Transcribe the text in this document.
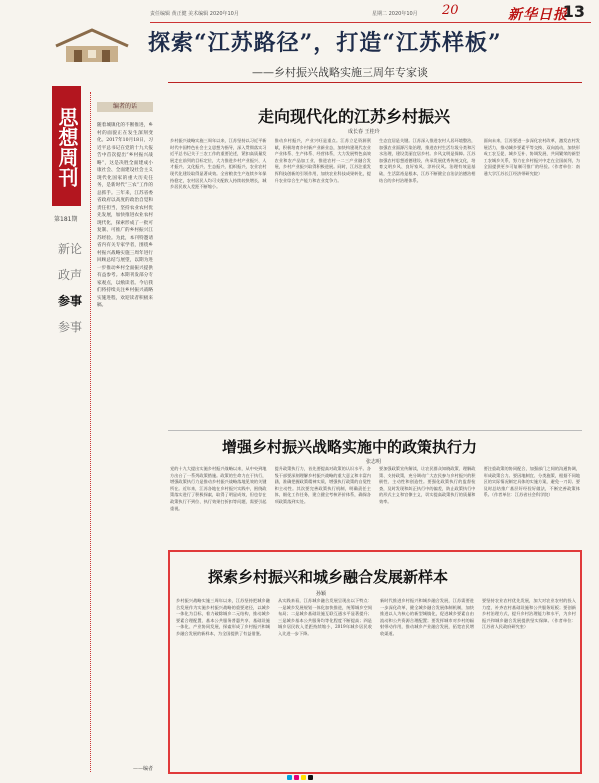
责任编辑 黄正健 美术编辑 2020年10月	星期二 2020年10月 20	新华日报
13
探索“江苏路径”，打造“江苏样板”
——乡村振兴战略实施三周年专家谈
思想周刊
第181期
新论
政声
参事
参事
编者的话
随着城镇化的不断推进，乡村的面貌正在发生深刻变化。2017年10月18日，习近平总书记在党的十九大报告中首次提出“乡村振兴战略”，这是决胜全面建成小康社会、全面建设社会主义现代化国家的重大历史任务，是新时代“三农”工作的总抓手。三年来，江苏省委省政府以高度的政治自觉和责任担当，坚持农业农村优先发展，加快推进农业农村现代化，探索形成了一批可复制、可推广的乡村振兴江苏经验。为此，本刊特邀请省内有关专家学者，围绕乡村振兴战略实施三周年进行回顾总结与展望，以期为进一步推动乡村全面振兴提供有益参考。本期刊发部分专家观点，以飨读者。今后我们将持续关注乡村振兴战略实施进程，欢迎读者积极来稿。
——编者
走向现代化的江苏乡村振兴
成长春 王桂玲
乡村振兴战略实施三周年以来，江苏坚持以习近平新时代中国特色社会主义思想为指导，深入贯彻落实习近平总书记关于三农工作的重要论述，紧扣高质量发展走在前列的目标定位，大力推进乡村产业振兴、人才振兴、文化振兴、生态振兴、组织振兴，农业农村现代化建设取得显著成效。全省粮食生产连续多年保持稳定，农村居民人均可支配收入持续较快增长，城乡居民收入差距不断缩小。
推动乡村振兴，产业兴旺是重点。江苏立足资源禀赋，积极培育乡村新产业新业态，加快构建现代农业产业体系、生产体系、经营体系，大力发展特色高效农业和农产品加工业，推进农村一二三产业融合发展，乡村产业振兴取得积极进展。同时，江苏注重发挥科技创新的引领作用，加快农业科技成果转化，提升农业综合生产能力和农业竞争力。
生态宜居是关键。江苏深入推进农村人居环境整治，加强农业面源污染治理，推进农村生活垃圾分类和污水治理，建设美丽宜居乡村。乡风文明是保障。江苏加强农村思想道德建设，传承发展优秀传统文化，培育文明乡风、良好家风、淳朴民风。治理有效是基础，生活富裕是根本，江苏不断健全自治法治德治相结合的乡村治理体系。
面向未来，江苏要进一步深化农村改革，激发农村发展活力，推动城乡要素平等交换、双向流动，加快形成工农互促、城乡互补、协调发展、共同繁荣的新型工农城乡关系，努力在乡村振兴中走在全国前列，为全国提供更多可复制可推广的经验。（作者单位：南通大学江苏长江经济带研究院）
增强乡村振兴战略实施中的政策执行力
张志明
党的十九大提出实施乡村振兴战略以来，从中央到地方出台了一系列政策措施。政策的生命力在于执行，增强政策执行力是推动乡村振兴战略落地见效的关键所在。近年来，江苏各地在乡村振兴实践中，围绕政策落实进行了积极探索，取得了明显成效，但也存在政策执行不到位、执行效果打折扣等问题，需要引起重视。
提升政策执行力，首先要提高对政策的认识水平。各级干部要深刻理解乡村振兴战略的重大意义和丰富内涵，准确把握政策精神实质，增强执行政策的自觉性和主动性。其次要完善政策执行机制，明确责任主体，细化工作任务，建立健全考核评价体系，确保各项政策落到实处。
要加强政策宣传解读，让农民群众知晓政策、理解政策、支持政策，充分调动广大农民参与乡村振兴的积极性、主动性和创造性。要强化政策执行的监督检查，及时发现和纠正执行中的偏差，防止政策执行中的形式主义和官僚主义，切实提高政策执行的质量和效率。
要注重政策的协同配合，加强部门之间的沟通协调，形成政策合力。要因地制宜、分类施策，根据不同地区的实际情况制定具体的实施方案，避免一刀切。要及时总结推广基层好经验好做法，不断完善政策体系。（作者单位：江苏省社会科学院）
探索乡村振兴和城乡融合发展新样本
孙颖
乡村振兴战略实施三周年以来，江苏坚持把城乡融合发展作为实施乡村振兴战略的重要途径，以城乡一体化为目标，着力破除城乡二元结构，推动城乡要素合理配置、基本公共服务普惠共享、基础设施一体化、产业协同发展，探索形成了乡村振兴和城乡融合发展的新样本，为全国提供了有益借鉴。
从实践来看，江苏城乡融合发展呈现出以下特点：一是城乡发展规划一体化加快推进，统筹城乡空间布局；二是城乡基础设施互联互通水平显著提升；三是城乡基本公共服务均等化程度不断提高；四是城乡居民收入差距持续缩小，2019年城乡居民收入比进一步下降。
新时代推进乡村振兴和城乡融合发展，江苏需要进一步深化改革，健全城乡融合发展体制机制，加快推进以人为核心的新型城镇化，促进城乡要素自由流动和公共资源合理配置；要发挥城市对乡村的辐射带动作用，推动城乡产业融合发展，拓宽农民增收渠道。
要坚持农业农村优先发展，加大对农业农村的投入力度，补齐农村基础设施和公共服务短板；要创新乡村治理方式，提升乡村治理能力和水平，为乡村振兴和城乡融合发展提供坚实保障。（作者单位：江苏省人民政府研究室）
